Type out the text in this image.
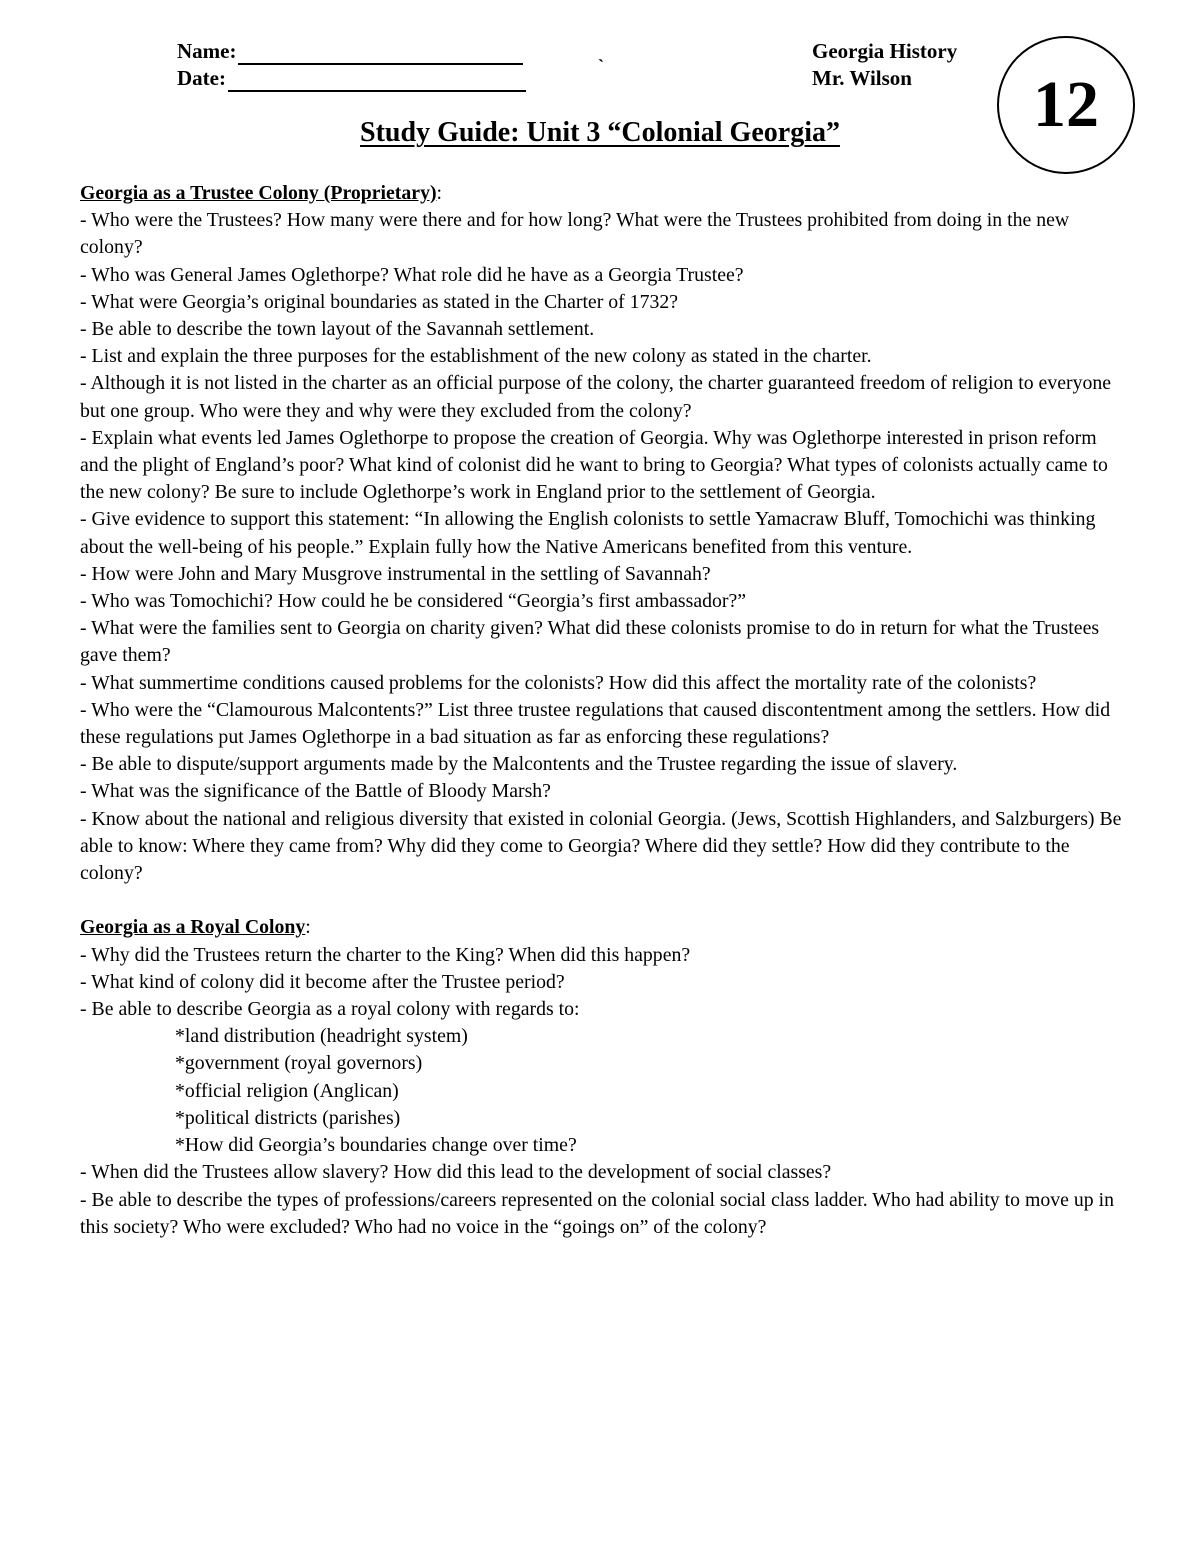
Name:
Date:	`
Georgia History
Mr. Wilson	12
Study Guide: Unit 3 “Colonial Georgia”

Georgia as a Trustee Colony (Proprietary):

- Who were the Trustees? How many were there and for how long? What were the Trustees prohibited from doing in the new colony?

- Who was General James Oglethorpe? What role did he have as a Georgia Trustee?

- What were Georgia’s original boundaries as stated in the Charter of 1732?

- Be able to describe the town layout of the Savannah settlement.

- List and explain the three purposes for the establishment of the new colony as stated in the charter.

- Although it is not listed in the charter as an official purpose of the colony, the charter guaranteed freedom of religion to everyone but one group. Who were they and why were they excluded from the colony?

- Explain what events led James Oglethorpe to propose the creation of Georgia. Why was Oglethorpe interested in prison reform and the plight of England’s poor? What kind of colonist did he want to bring to Georgia? What types of colonists actually came to the new colony? Be sure to include Oglethorpe’s work in England prior to the settlement of Georgia.

- Give evidence to support this statement: “In allowing the English colonists to settle Yamacraw Bluff, Tomochichi was thinking about the well-being of his people.” Explain fully how the Native Americans benefited from this venture.

- How were John and Mary Musgrove instrumental in the settling of Savannah?

- Who was Tomochichi? How could he be considered “Georgia’s first ambassador?”

- What were the families sent to Georgia on charity given? What did these colonists promise to do in return for what the Trustees gave them?

- What summertime conditions caused problems for the colonists? How did this affect the mortality rate of the colonists?

- Who were the “Clamourous Malcontents?” List three trustee regulations that caused discontentment among the settlers. How did these regulations put James Oglethorpe in a bad situation as far as enforcing these regulations?

- Be able to dispute/support arguments made by the Malcontents and the Trustee regarding the issue of slavery.

- What was the significance of the Battle of Bloody Marsh?

- Know about the national and religious diversity that existed in colonial Georgia. (Jews, Scottish Highlanders, and Salzburgers) Be able to know: Where they came from? Why did they come to Georgia? Where did they settle? How did they contribute to the colony?

Georgia as a Royal Colony:

- Why did the Trustees return the charter to the King? When did this happen?

- What kind of colony did it become after the Trustee period?

- Be able to describe Georgia as a royal colony with regards to:

*land distribution (headright system)

*government (royal governors)

*official religion (Anglican)

*political districts (parishes)

*How did Georgia’s boundaries change over time?

- When did the Trustees allow slavery? How did this lead to the development of social classes?

- Be able to describe the types of professions/careers represented on the colonial social class ladder. Who had ability to move up in this society? Who were excluded? Who had no voice in the “goings on” of the colony?
